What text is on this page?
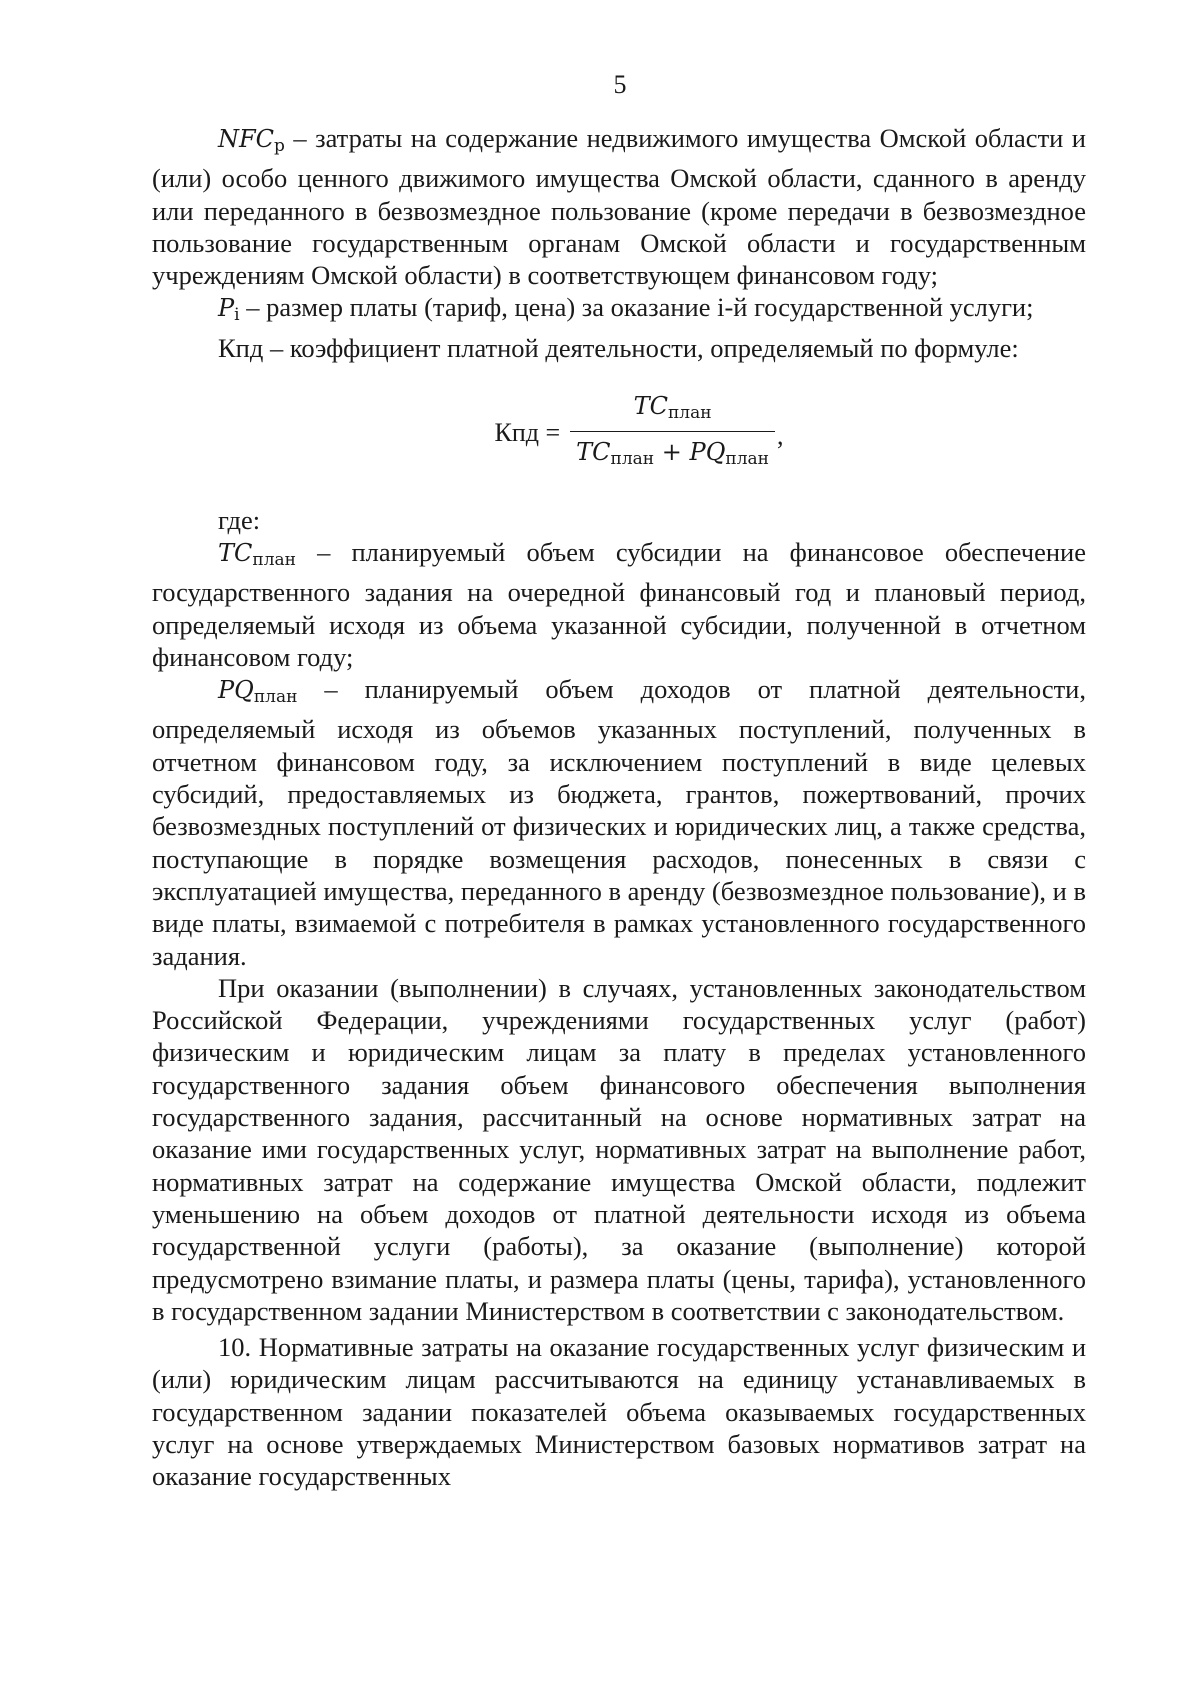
5

$NFC_p$ – затраты на содержание недвижимого имущества Омской области и (или) особо ценного движимого имущества Омской области, сданного в аренду или переданного в безвозмездное пользование (кроме передачи в безвозмездное пользование государственным органам Омской области и государственным учреждениям Омской области) в соответствующем финансовом году;

$P_i$ – размер платы (тариф, цена) за оказание i-й государственной услуги;

Кпд – коэффициент платной деятельности, определяемый по формуле:

Кпд = $\frac{TC_{план}}{TC_{план} + PQ_{план}}$ ,

где:

$TC_{план}$ – планируемый объем субсидии на финансовое обеспечение государственного задания на очередной финансовый год и плановый период, определяемый исходя из объема указанной субсидии, полученной в отчетном финансовом году;

$PQ_{план}$ – планируемый объем доходов от платной деятельности, определяемый исходя из объемов указанных поступлений, полученных в отчетном финансовом году, за исключением поступлений в виде целевых субсидий, предоставляемых из бюджета, грантов, пожертвований, прочих безвозмездных поступлений от физических и юридических лиц, а также средства, поступающие в порядке возмещения расходов, понесенных в связи с эксплуатацией имущества, переданного в аренду (безвозмездное пользование), и в виде платы, взимаемой с потребителя в рамках установленного государственного задания.

При оказании (выполнении) в случаях, установленных законодательством Российской Федерации, учреждениями государственных услуг (работ) физическим и юридическим лицам за плату в пределах установленного государственного задания объем финансового обеспечения выполнения государственного задания, рассчитанный на основе нормативных затрат на оказание ими государственных услуг, нормативных затрат на выполнение работ, нормативных затрат на содержание имущества Омской области, подлежит уменьшению на объем доходов от платной деятельности исходя из объема государственной услуги (работы), за оказание (выполнение) которой предусмотрено взимание платы, и размера платы (цены, тарифа), установленного в государственном задании Министерством в соответствии с законодательством.

10. Нормативные затраты на оказание государственных услуг физическим и (или) юридическим лицам рассчитываются на единицу устанавливаемых в государственном задании показателей объема оказываемых государственных услуг на основе утверждаемых Министерством базовых нормативов затрат на оказание государственных
